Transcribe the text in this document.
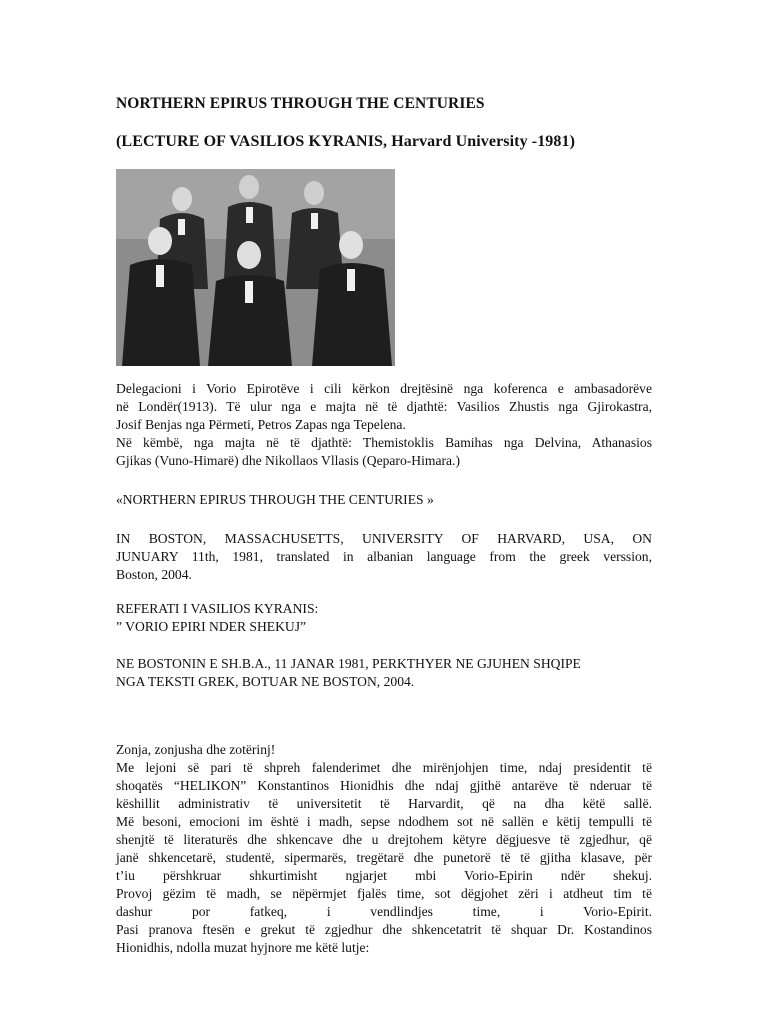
NORTHERN EPIRUS THROUGH THE CENTURIES
(LECTURE OF VASILIOS KYRANIS, Harvard University -1981)

Delegacioni i Vorio Epirotëve i cili kërkon drejtësinë nga koferenca e ambasadorëve

në Londër(1913). Të ulur nga e majta në të djathtë: Vasilios Zhustis nga Gjirokastra,

Josif Benjas nga Përmeti, Petros Zapas nga Tepelena.

Në këmbë, nga majta në të djathtë: Themistoklis Bamihas nga Delvina, Athanasios

Gjikas (Vuno-Himarë) dhe Nikollaos Vllasis (Qeparo-Himara.)

«NORTHERN EPIRUS THROUGH THE CENTURIES »

IN BOSTON, MASSACHUSETTS, UNIVERSITY OF HARVARD, USA, ON

JUNUARY 11th, 1981, translated in albanian language from the greek verssion,

Boston, 2004.

REFERATI I VASILIOS KYRANIS:

” VORIO EPIRI NDER SHEKUJ”

NE BOSTONIN E SH.B.A., 11 JANAR 1981, PERKTHYER NE GJUHEN SHQIPE

NGA TEKSTI GREK, BOTUAR NE BOSTON, 2004.

Zonja, zonjusha dhe zotërinj!

Me lejoni së pari të shpreh falenderimet dhe mirënjohjen time, ndaj presidentit të

shoqatës “HELIKON” Konstantinos Hionidhis dhe ndaj gjithë antarëve të nderuar të

këshillit administrativ të universitetit të Harvardit, që na dha këtë sallë.

Më besoni, emocioni im është i madh, sepse ndodhem sot në sallën e këtij tempulli të

shenjtë të literaturës dhe shkencave dhe u drejtohem këtyre dëgjuesve të zgjedhur, që

janë shkencetarë, studentë, sipermarës, tregëtarë dhe punetorë të të gjitha klasave, për

t’iu përshkruar shkurtimisht ngjarjet mbi Vorio-Epirin ndër shekuj.

Provoj gëzim të madh, se nëpërmjet fjalës time, sot dëgjohet zëri i atdheut tim të

dashur por fatkeq, i vendlindjes time, i Vorio-Epirit.

Pasi pranova ftesën e grekut të zgjedhur dhe shkencetatrit të shquar Dr. Kostandinos

Hionidhis, ndolla muzat hyjnore me këtë lutje:
